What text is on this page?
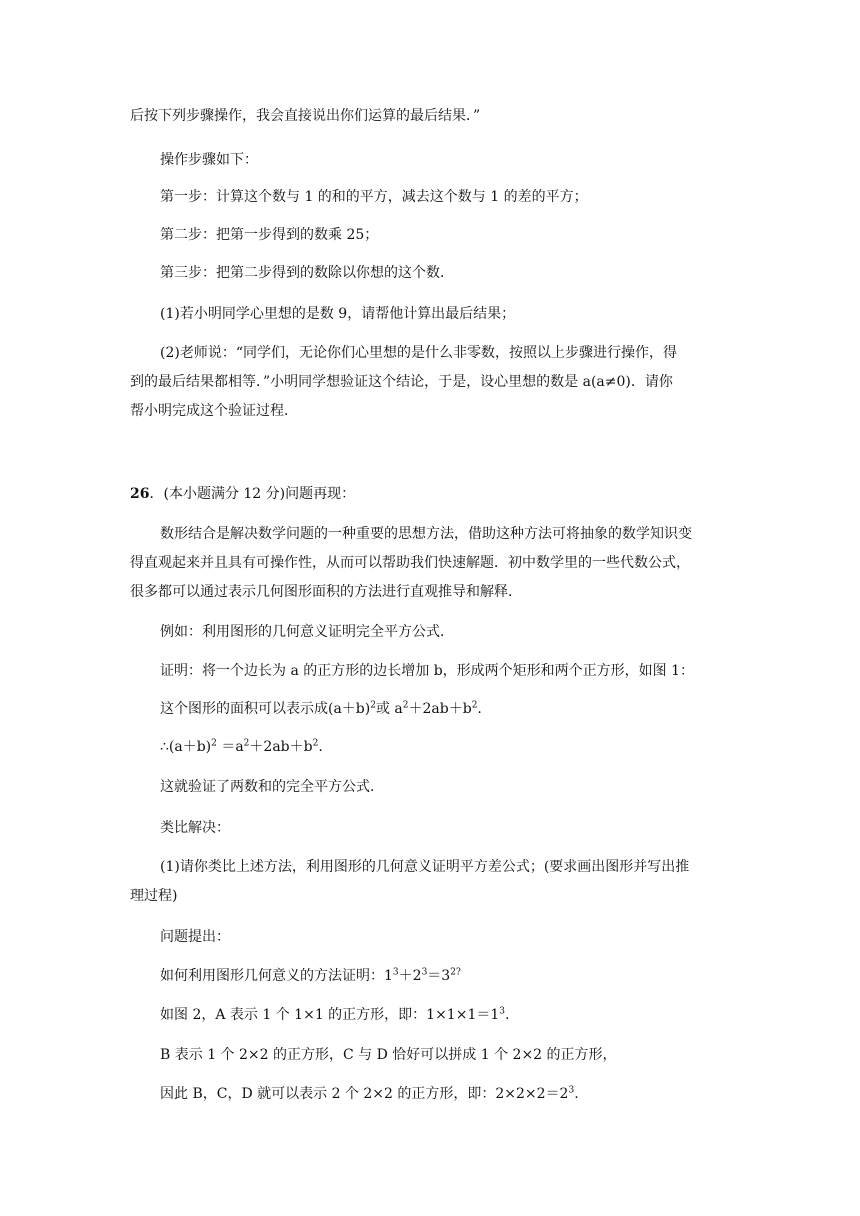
后按下列步骤操作，我会直接说出你们运算的最后结果．”
操作步骤如下：
第一步：计算这个数与 1 的和的平方，减去这个数与 1 的差的平方；
第二步：把第一步得到的数乘 25；
第三步：把第二步得到的数除以你想的这个数．
(1)若小明同学心里想的是数 9，请帮他计算出最后结果；
(2)老师说：“同学们，无论你们心里想的是什么非零数，按照以上步骤进行操作，得
到的最后结果都相等．”小明同学想验证这个结论，于是，设心里想的数是 a(a≠0)．请你
帮小明完成这个验证过程．
26．(本小题满分 12 分)问题再现：
数形结合是解决数学问题的一种重要的思想方法，借助这种方法可将抽象的数学知识变
得直观起来并且具有可操作性，从而可以帮助我们快速解题．初中数学里的一些代数公式，
很多都可以通过表示几何图形面积的方法进行直观推导和解释．
例如：利用图形的几何意义证明完全平方公式．
证明：将一个边长为 a 的正方形的边长增加 b，形成两个矩形和两个正方形，如图 1：
这个图形的面积可以表示成$(a+b)^2$或 $a^2+2ab+b^2$.
$\therefore(a+b)^2 =a^2+2ab+b^2$.
这就验证了两数和的完全平方公式．
类比解决：
(1)请你类比上述方法，利用图形的几何意义证明平方差公式；(要求画出图形并写出推
理过程)
问题提出：
如何利用图形几何意义的方法证明：$1^3+2^3=3^{2?}$
如图 2，A 表示 1 个 1×1 的正方形，即：$1\times 1\times 1=1^3$.
B 表示 1 个 2×2 的正方形，C 与 D 恰好可以拼成 1 个 2×2 的正方形，
因此 B，C，D 就可以表示 2 个 2×2 的正方形，即：$2\times 2\times 2=2^3$.
